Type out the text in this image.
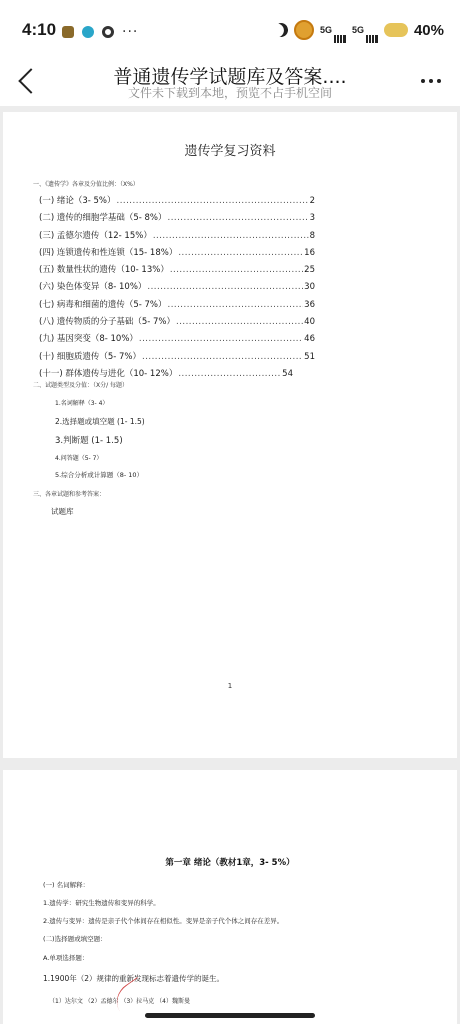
4:10	···	5G	5G	40%
普通遗传学试题库及答案....
文件未下载到本地，预览不占手机空间
遗传学复习资料
一、《遗传学》各章及分值比例：（X%）
(一) 绪论（3- 5%） .....	2
(二) 遗传的细胞学基础（5- 8%） .....	3
(三) 孟德尔遗传（12- 15%） .....	8
(四) 连锁遗传和性连锁（15- 18%） .....	16
(五) 数量性状的遗传（10- 13%） .....	25
(六) 染色体变异（8- 10%） .....	30
(七) 病毒和细菌的遗传（5- 7%） .....	36
(八) 遗传物质的分子基础（5- 7%） .....	40
(九) 基因突变（8- 10%） .....	46
(十) 细胞质遗传（5- 7%） .....	51
(十一) 群体遗传与进化（10- 12%） .....	54
二、试题类型及分值：（X分/ 每题）
1.名词解释（3- 4）
2.选择题或填空题 (1- 1.5)
3.判断题 (1- 1.5)
4.问答题（5- 7）
5.综合分析或计算题（8- 10）
三、各章试题和参考答案：
试题库
1
第一章 绪论（教材1章，3- 5%）
(一) 名词解释：
1.遗传学：研究生物遗传和变异的科学。
2.遗传与变异：遗传是亲子代个体间存在相似性。变异是亲子代个体之间存在差异。
(二)选择题或填空题：
A.单项选择题：
1.1900年（2）规律的重新发现标志着遗传学的诞生。
（1）达尔文 （2）孟德尔 （3）拉马克 （4）魏斯曼
